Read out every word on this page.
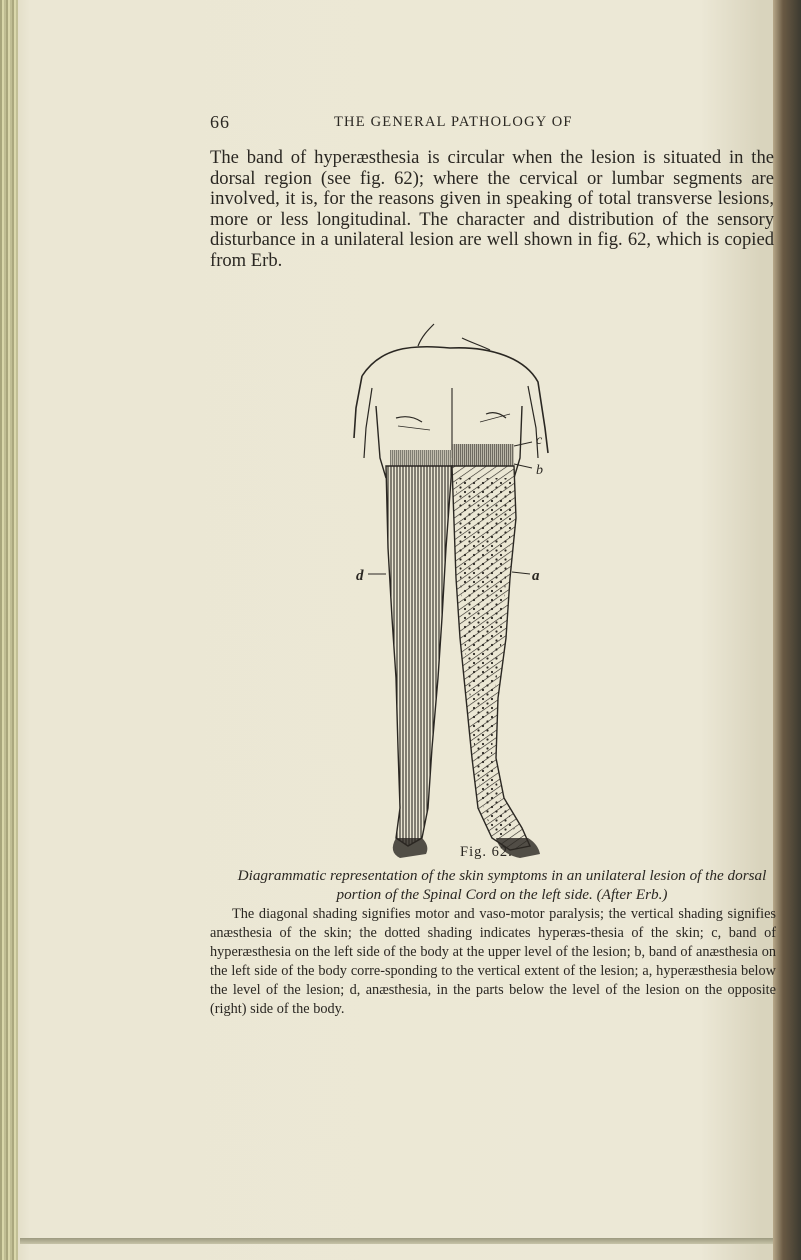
66	THE GENERAL PATHOLOGY OF

The band of hyperæsthesia is circular when the lesion is situated in the dorsal region (see fig. 62); where the cervical or lumbar segments are involved, it is, for the reasons given in speaking of total transverse lesions, more or less longitudinal. The character and distribution of the sensory disturbance in a unilateral lesion are well shown in fig. 62, which is copied from Erb.

c
b
d	a
Fig. 62.
Diagrammatic representation of the skin symptoms in an unilateral lesion of the dorsal portion of the Spinal Cord on the left side. (After Erb.)

The diagonal shading signifies motor and vaso-motor paralysis; the vertical shading signifies anæsthesia of the skin; the dotted shading indicates hyperæs-thesia of the skin; c, band of hyperæsthesia on the left side of the body at the upper level of the lesion; b, band of anæsthesia on the left side of the body corre-sponding to the vertical extent of the lesion; a, hyperæsthesia below the level of the lesion; d, anæsthesia, in the parts below the level of the lesion on the opposite (right) side of the body.
